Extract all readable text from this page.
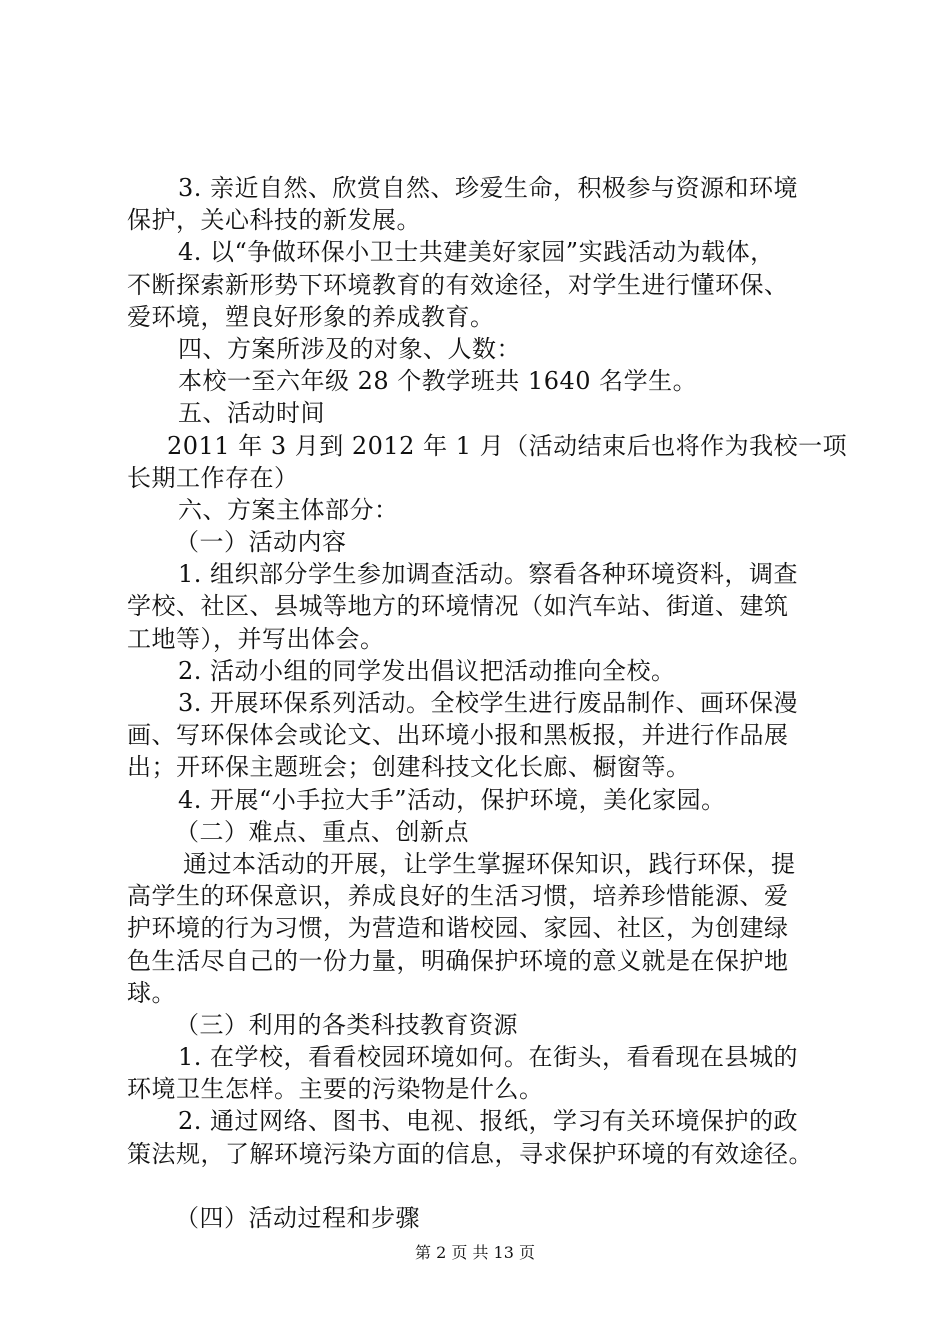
3. 亲近自然、欣赏自然、珍爱生命，积极参与资源和环境
保护，关心科技的新发展。
4. 以“争做环保小卫士共建美好家园”实践活动为载体，
不断探索新形势下环境教育的有效途径，对学生进行懂环保、
爱环境，塑良好形象的养成教育。
四、方案所涉及的对象、人数：
本校一至六年级 28 个教学班共 1640 名学生。
五、活动时间
2011 年 3 月到 2012 年 1 月（活动结束后也将作为我校一项
长期工作存在）
六、方案主体部分：
（一）活动内容
1. 组织部分学生参加调查活动。察看各种环境资料，调查
学校、社区、县城等地方的环境情况（如汽车站、街道、建筑
工地等），并写出体会。
2. 活动小组的同学发出倡议把活动推向全校。
3. 开展环保系列活动。全校学生进行废品制作、画环保漫
画、写环保体会或论文、出环境小报和黑板报，并进行作品展
出；开环保主题班会；创建科技文化长廊、橱窗等。
4. 开展“小手拉大手”活动，保护环境，美化家园。
（二）难点、重点、创新点
通过本活动的开展，让学生掌握环保知识，践行环保，提
高学生的环保意识，养成良好的生活习惯，培养珍惜能源、爱
护环境的行为习惯，为营造和谐校园、家园、社区，为创建绿
色生活尽自己的一份力量，明确保护环境的意义就是在保护地
球。
（三）利用的各类科技教育资源
1. 在学校，看看校园环境如何。在街头，看看现在县城的
环境卫生怎样。主要的污染物是什么。
2. 通过网络、图书、电视、报纸，学习有关环境保护的政
策法规，了解环境污染方面的信息，寻求保护环境的有效途径。
（四）活动过程和步骤
第 2 页 共 13 页
